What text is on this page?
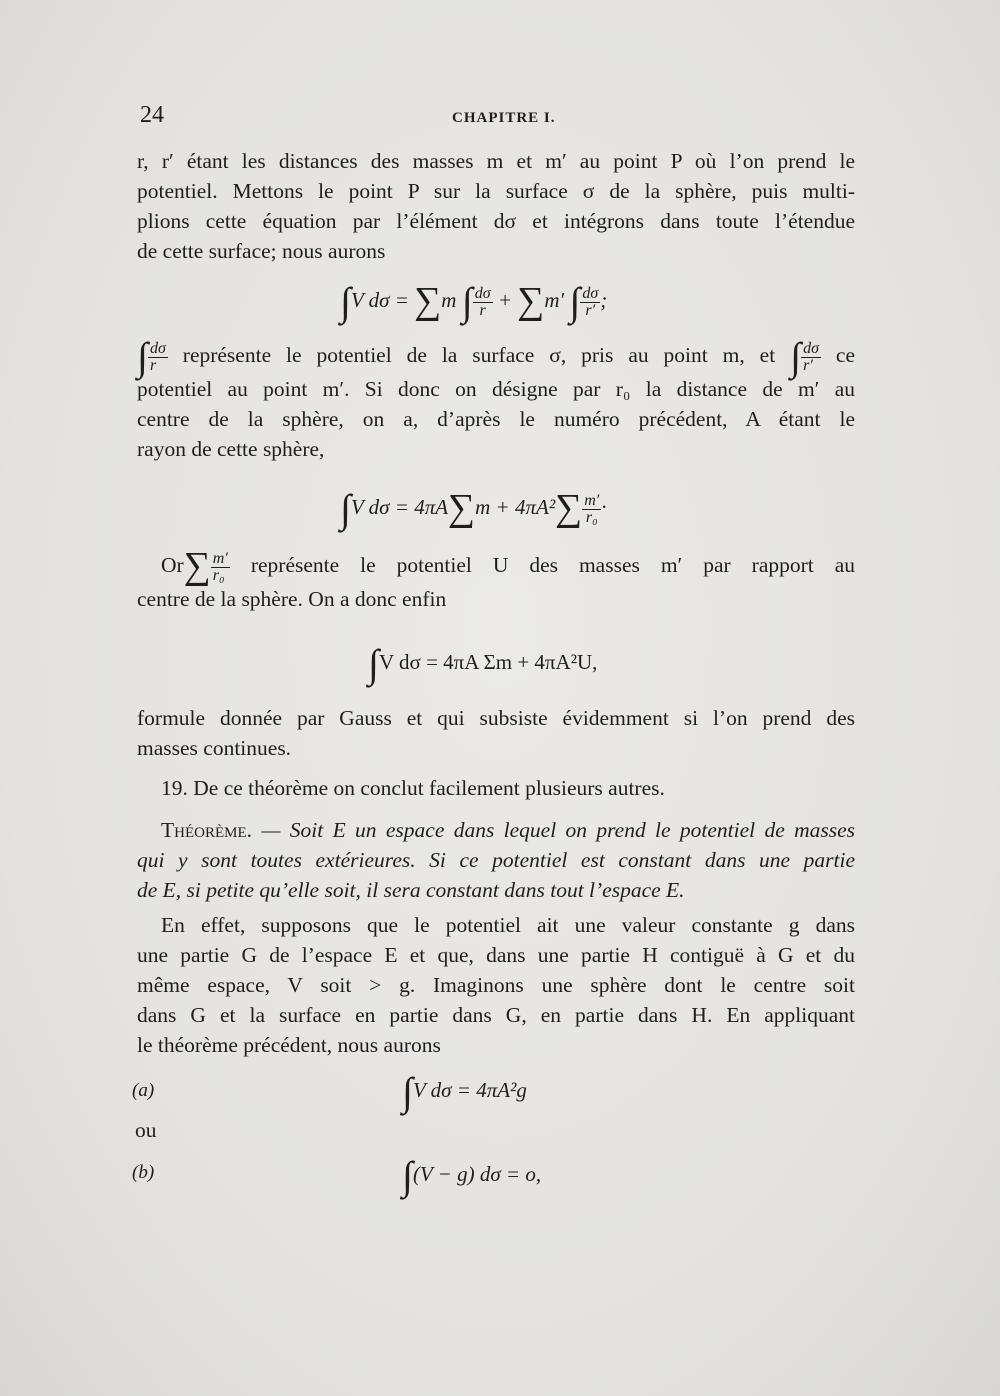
24	CHAPITRE I.
r, r′ étant les distances des masses m et m′ au point P où l’on prend le
potentiel. Mettons le point P sur la surface σ de la sphère, puis multi-
plions cette équation par l’élément dσ et intégrons dans toute l’étendue
de cette surface; nous aurons
∫V dσ = ∑m ∫ $\frac{d\sigma}{r} + \sum m'$ ∫ $\frac{d\sigma}{r'}$ ;
∫ $\frac{d\sigma}{r}$ représente le potentiel de la surface σ, pris au point m, et ∫ $\frac{d\sigma}{r'}$ ce
potentiel au point m′. Si donc on désigne par r₀ la distance de m′ au
centre de la sphère, on a, d’après le numéro précédent, A étant le
rayon de cette sphère,
∫V $d\sigma = 4\pi A\sum m + 4\pi A^2\sum \frac{m'}{\text{r₀}}$ ·
$Or\sum \frac{m'}{\text{r₀}}$ représente le potentiel U des masses m′ par rapport au
centre de la sphère. On a donc enfin
∫V dσ = 4πA Σm + 4πA²U,
formule donnée par Gauss et qui subsiste évidemment si l’on prend des
masses continues.
19. De ce théorème on conclut facilement plusieurs autres.
Théorème. — Soit E un espace dans lequel on prend le potentiel de masses
qui y sont toutes extérieures. Si ce potentiel est constant dans une partie
de E, si petite qu’elle soit, il sera constant dans tout l’espace E.
En effet, supposons que le potentiel ait une valeur constante g dans
une partie G de l’espace E et que, dans une partie H contiguë à G et du
même espace, V soit > g. Imaginons une sphère dont le centre soit
dans G et la surface en partie dans G, en partie dans H. En appliquant
le théorème précédent, nous aurons
(a)	∫V dσ = 4πA²g
ou
(b)	∫(V − g) dσ = o,
